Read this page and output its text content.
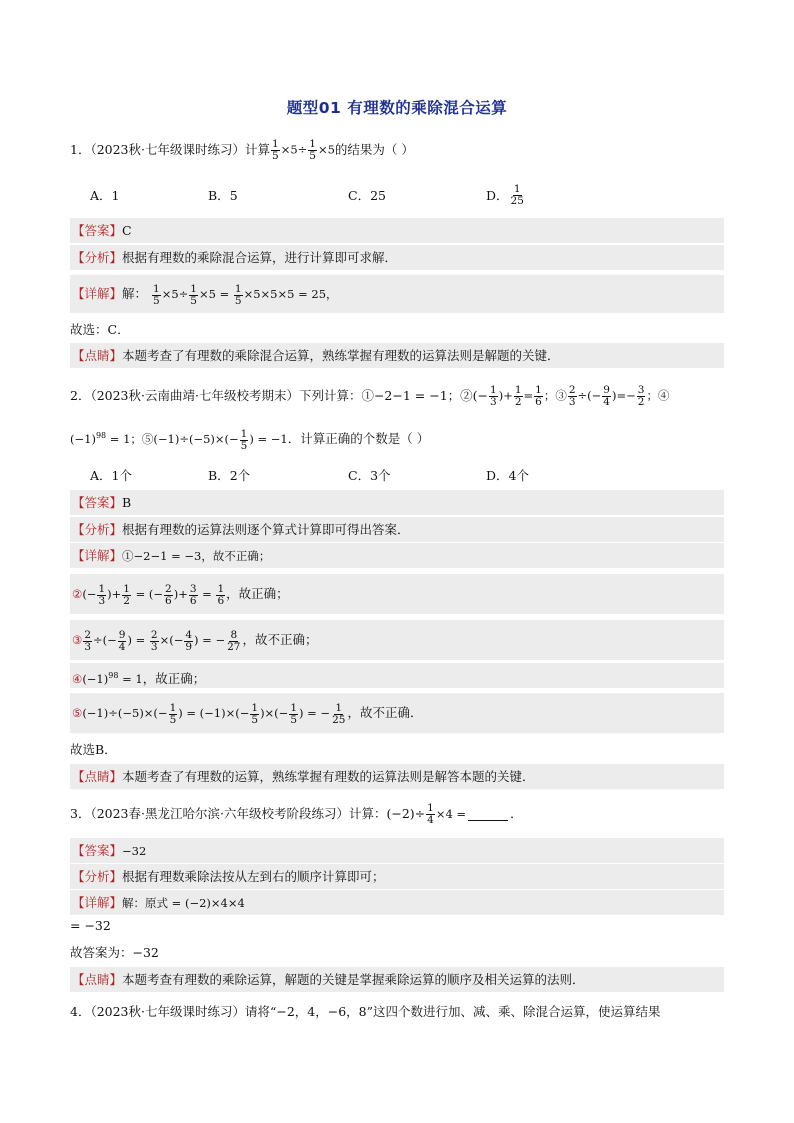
题型01 有理数的乘除混合运算
1．（2023秋·七年级课时练习）计算 $\frac{1}{5} \times 5\div \frac{1}{5} \times 5$ 的结果为（ ）
A． 1	B． 5	C． 25	D． $\frac{1}{25}$
【答案】C
【分析】根据有理数的乘除混合运算，进行计算即可求解．
【详解】解： $\frac{1}{5} \times 5\div \frac{1}{5} \times 5 = \frac{1}{5} \times 5\times 5\times 5 = 25$，
故选：C．
【点睛】本题考查了有理数的乘除混合运算，熟练掌握有理数的运算法则是解题的关键．
2．（2023秋·云南曲靖·七年级校考期末）下列计算：①−2−1 = −1；②(− $\frac{1}{3}$ )+ $\frac{1}{2} = \frac{1}{6}$ ；③ $\frac{2}{3}$ ÷(− $\frac{9}{4}$ )=− $\frac{3}{2}$ ；④
$(-1)^{98} = 1$；⑤(−1)÷(−5)×(− $\frac{1}{5}$ ) = −1 ．计算正确的个数是（ ）
A． 1个	B． 2个	C． 3个	D． 4个
【答案】B
【分析】根据有理数的运算法则逐个算式计算即可得出答案．
【详解】①−2−1 = −3，故不正确；
②(− $\frac{1}{3}$ )+ $\frac{1}{2}$ = (− $\frac{2}{6}$ )+ $\frac{3}{6} = \frac{1}{6}$ ，故正确；
③ $\frac{2}{3}$ ÷(− $\frac{9}{4}$ ) = $\frac{2}{3}$ ×(− $\frac{4}{9}$ ) = − $\frac{8}{27}$ ，故不正确；
$④(-1)^{98} = 1$，故正确；
⑤(−1)÷(−5)×(− $\frac{1}{5}$ ) = $(-1)\times(- \frac{1}{5}$ )×(− $\frac{1}{5}$ ) = − $\frac{1}{25}$ ，故不正确．
故选B．
【点睛】本题考查了有理数的运算，熟练掌握有理数的运算法则是解答本题的关键．
3．（2023春·黑龙江哈尔滨·六年级校考阶段练习）计算：$(-2)\div \frac{1}{4} \times 4$ =	．
【答案】−32
【分析】根据有理数乘除法按从左到右的顺序计算即可；
【详解】解：原式 = (−2)×4×4
= −32
故答案为：−32
【点睛】本题考查有理数的乘除运算，解题的关键是掌握乘除运算的顺序及相关运算的法则．
4．（2023秋·七年级课时练习）请将“−2，4，−6，8”这四个数进行加、减、乘、除混合运算，使运算结果
